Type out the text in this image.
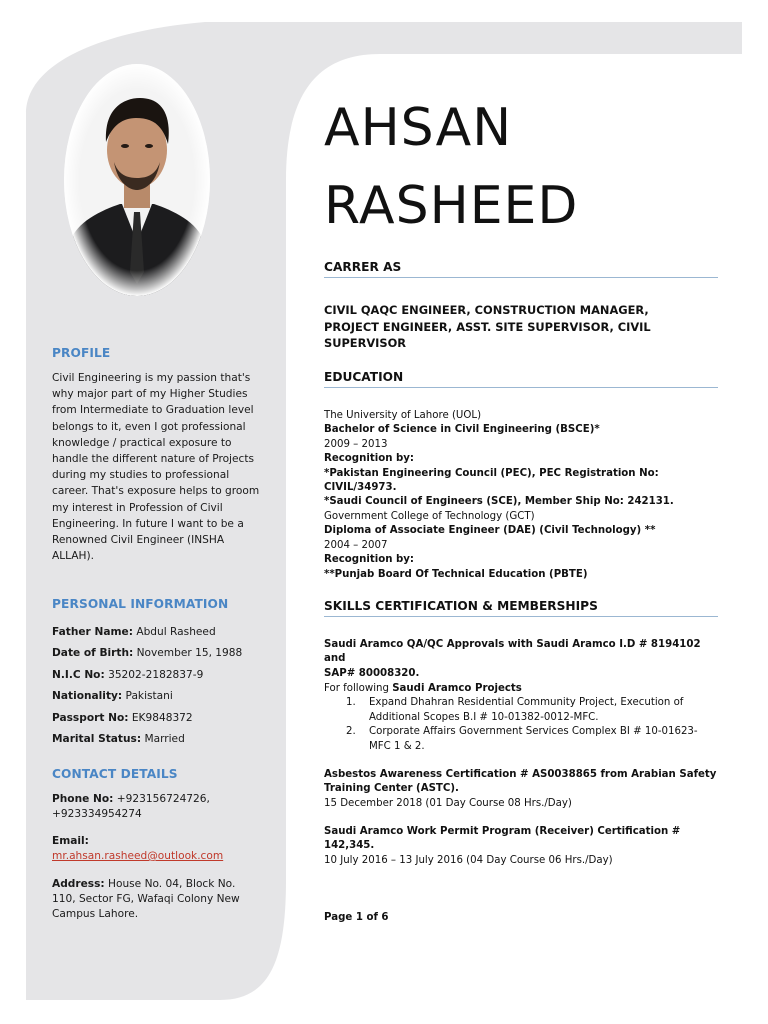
PROFILE
Civil Engineering is my passion that's why major part of my Higher Studies from Intermediate to Graduation level belongs to it, even I got professional knowledge / practical exposure to handle the different nature of Projects during my studies to professional career. That's exposure helps to groom my interest in Profession of Civil Engineering. In future I want to be a Renowned Civil Engineer (INSHA ALLAH).
PERSONAL INFORMATION
Father Name: Abdul Rasheed
Date of Birth: November 15, 1988
N.I.C No: 35202-2182837-9
Nationality: Pakistani
Passport No: EK9848372
Marital Status: Married
CONTACT DETAILS
Phone No: +923156724726,
+923334954274
Email:
mr.ahsan.rasheed@outlook.com
Address: House No. 04, Block No. 110, Sector FG, Wafaqi Colony New Campus Lahore.
AHSAN
RASHEED
CARRER AS
CIVIL QAQC ENGINEER, CONSTRUCTION MANAGER,
PROJECT ENGINEER, ASST. SITE SUPERVISOR, CIVIL
SUPERVISOR
EDUCATION
The University of Lahore (UOL)
Bachelor of Science in Civil Engineering (BSCE)*
2009 – 2013
Recognition by:
*Pakistan Engineering Council (PEC), PEC Registration No: CIVIL/34973.
*Saudi Council of Engineers (SCE), Member Ship No: 242131.
Government College of Technology (GCT)
Diploma of Associate Engineer (DAE) (Civil Technology) **
2004 – 2007
Recognition by:
**Punjab Board Of Technical Education (PBTE)
SKILLS CERTIFICATION & MEMBERSHIPS
Saudi Aramco QA/QC Approvals with Saudi Aramco I.D # 8194102 and
SAP# 80008320.
For following Saudi Aramco Projects
1. Expand Dhahran Residential Community Project, Execution of
Additional Scopes B.I # 10-01382-0012-MFC.
2. Corporate Affairs Government Services Complex BI # 10-01623-
MFC 1 & 2.
Asbestos Awareness Certification # AS0038865 from Arabian Safety
Training Center (ASTC).
15 December 2018 (01 Day Course 08 Hrs./Day)
Saudi Aramco Work Permit Program (Receiver) Certification # 142,345.
10 July 2016 – 13 July 2016 (04 Day Course 06 Hrs./Day)
Page 1 of 6
